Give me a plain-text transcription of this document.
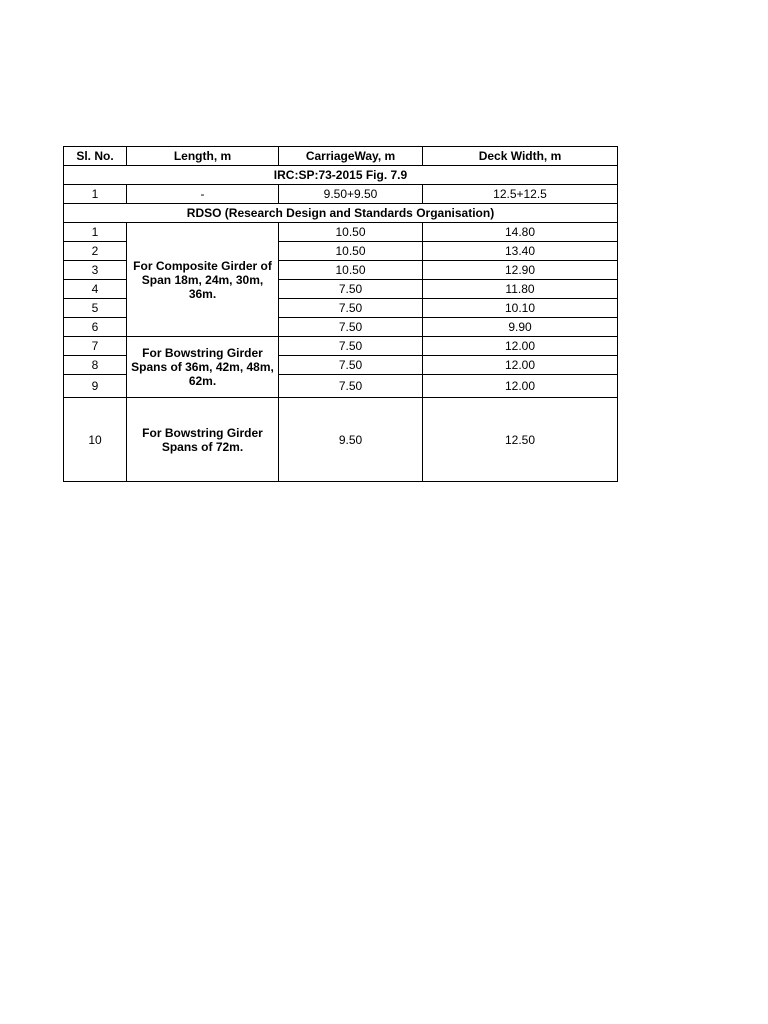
Sl. No.	Length, m	CarriageWay, m	Deck Width, m
IRC:SP:73-2015 Fig. 7.9			
1	-	9.50+9.50	12.5+12.5
RDSO (Research Design and Standards Organisation)			
1	For Composite Girder of Span 18m, 24m, 30m, 36m.	10.50	14.80
2		10.50	13.40
3		10.50	12.90
4		7.50	11.80
5		7.50	10.10
6		7.50	9.90
7	For Bowstring Girder Spans of 36m, 42m, 48m, 62m.	7.50	12.00
8		7.50	12.00
9		7.50	12.00
10	For Bowstring Girder Spans of 72m.	9.50	12.50
